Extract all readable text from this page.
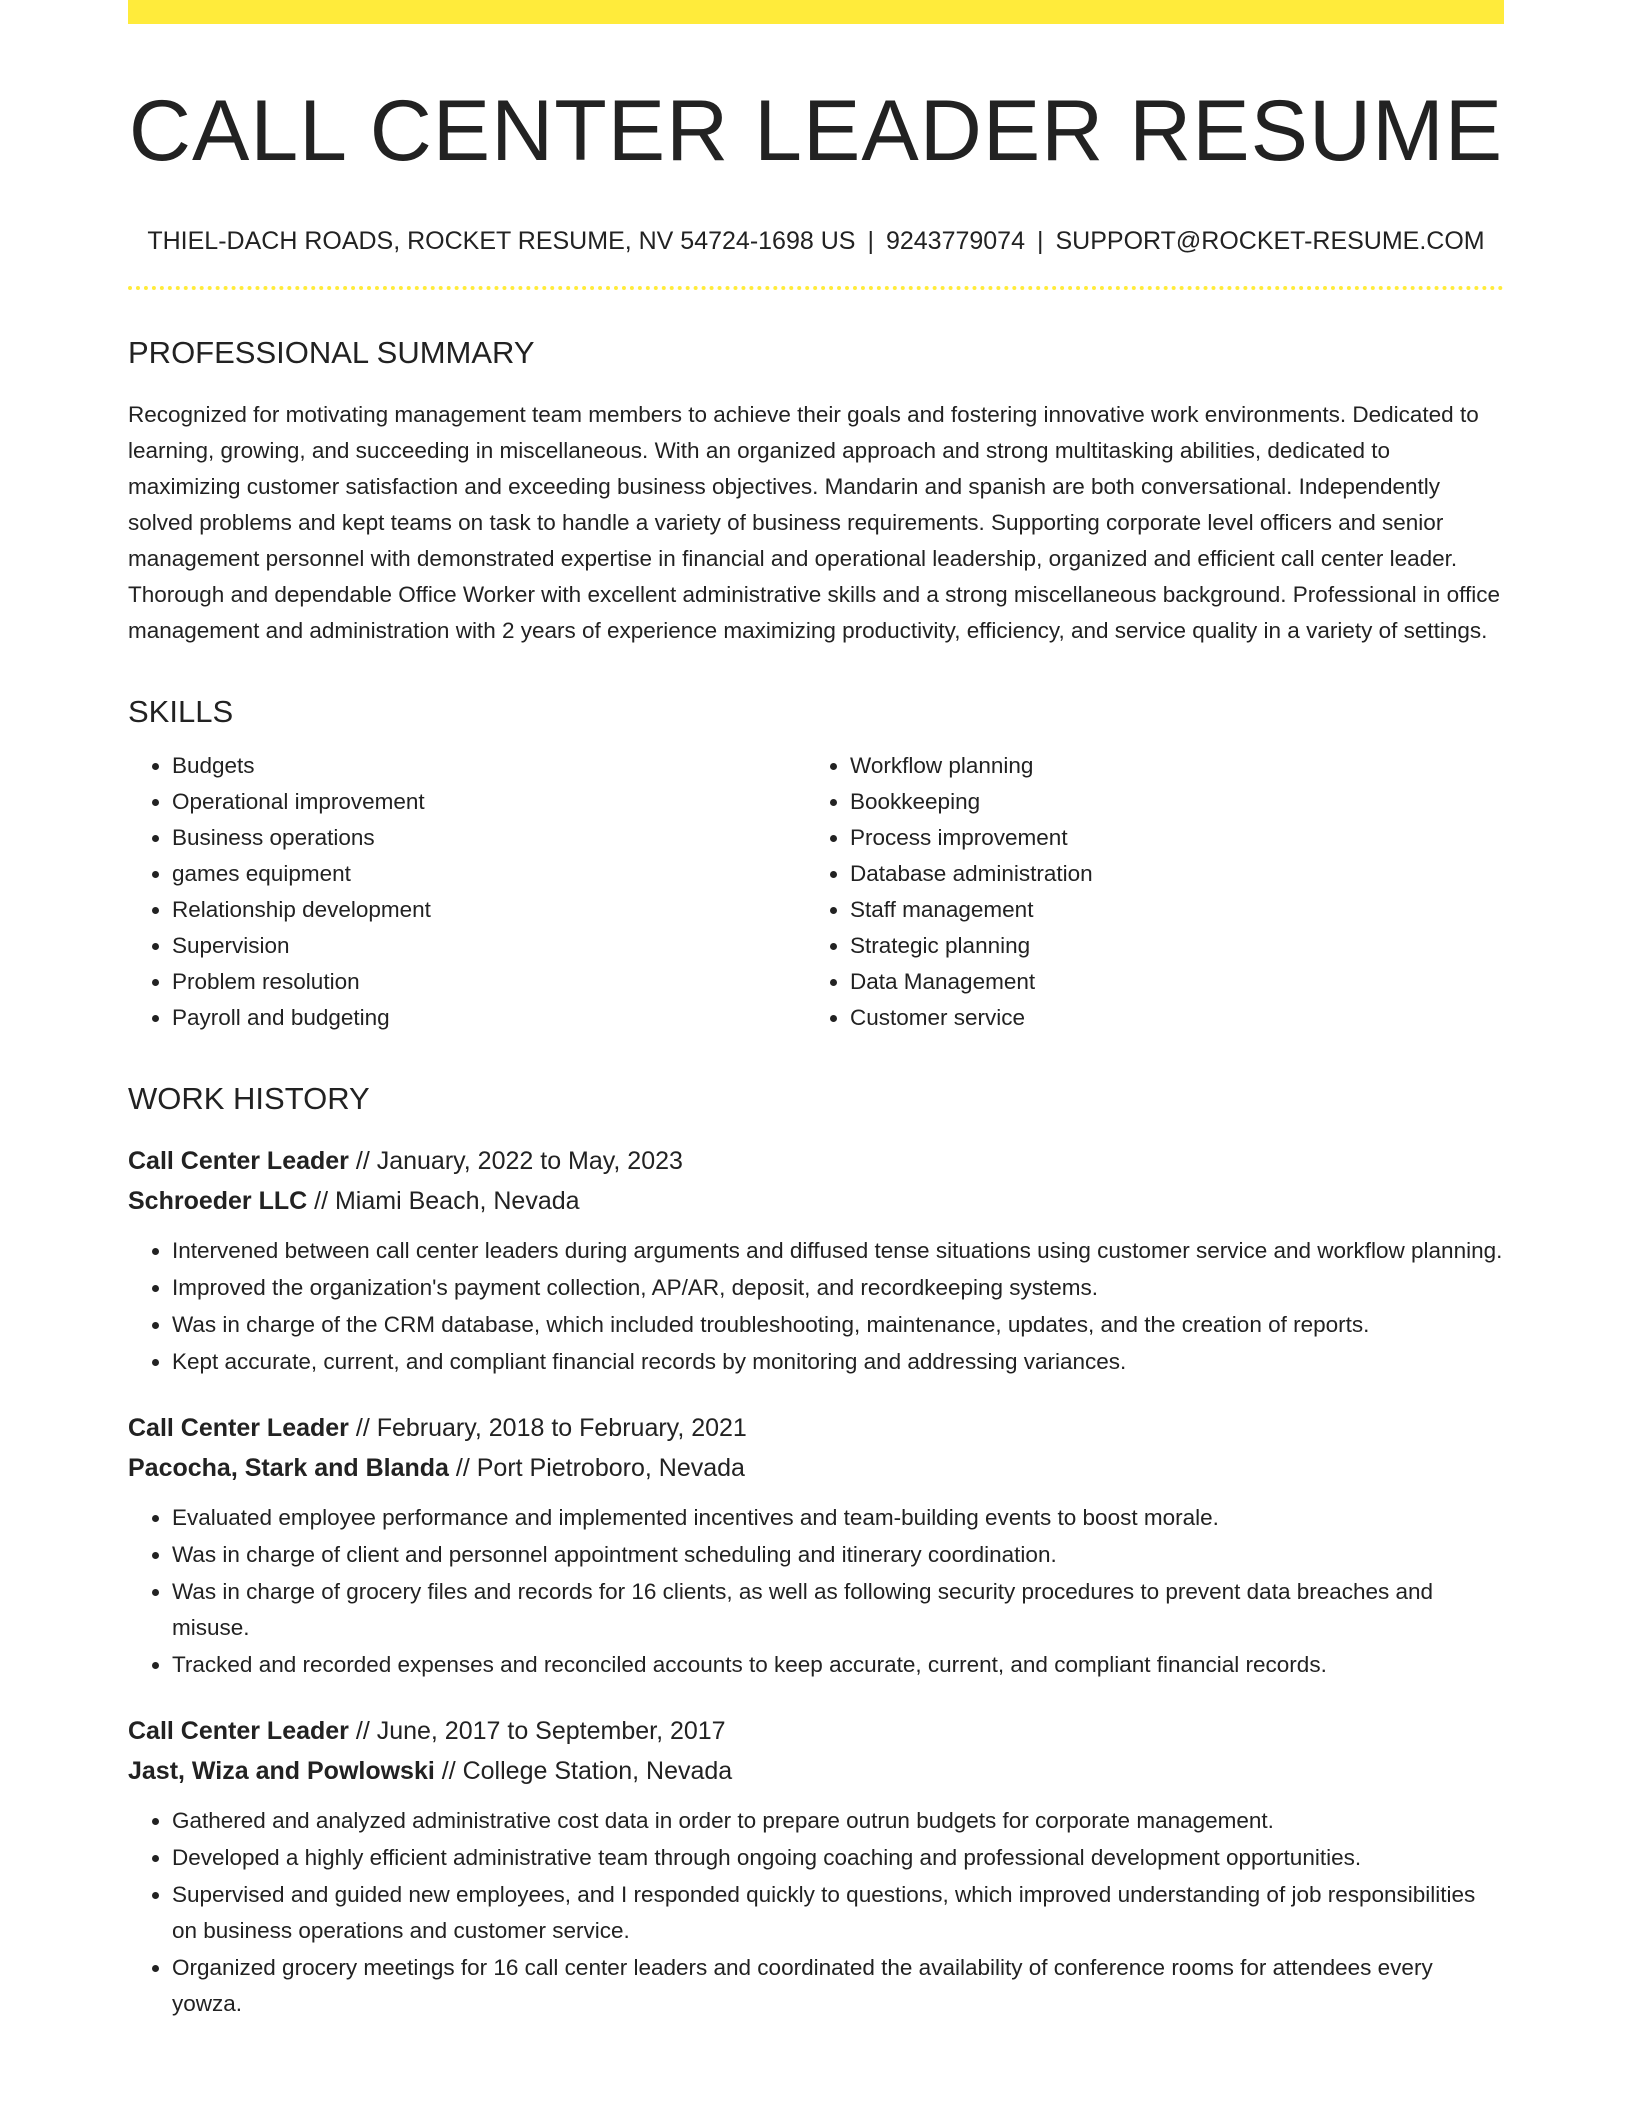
CALL CENTER LEADER RESUME
THIEL-DACH ROADS, ROCKET RESUME, NV 54724-1698 US | 9243779074 | SUPPORT@ROCKET-RESUME.COM
PROFESSIONAL SUMMARY

Recognized for motivating management team members to achieve their goals and fostering innovative work environments. Dedicated to learning, growing, and succeeding in miscellaneous. With an organized approach and strong multitasking abilities, dedicated to maximizing customer satisfaction and exceeding business objectives. Mandarin and spanish are both conversational. Independently solved problems and kept teams on task to handle a variety of business requirements. Supporting corporate level officers and senior management personnel with demonstrated expertise in financial and operational leadership, organized and efficient call center leader. Thorough and dependable Office Worker with excellent administrative skills and a strong miscellaneous background. Professional in office management and administration with 2 years of experience maximizing productivity, efficiency, and service quality in a variety of settings.

SKILLS
• Budgets
• Operational improvement
• Business operations
• games equipment
• Relationship development
• Supervision
• Problem resolution
• Payroll and budgeting
• Workflow planning
• Bookkeeping
• Process improvement
• Database administration
• Staff management
• Strategic planning
• Data Management
• Customer service
WORK HISTORY
Call Center Leader // January, 2022 to May, 2023
Schroeder LLC // Miami Beach, Nevada
• Intervened between call center leaders during arguments and diffused tense situations using customer service and workflow planning.
• Improved the organization's payment collection, AP/AR, deposit, and recordkeeping systems.
• Was in charge of the CRM database, which included troubleshooting, maintenance, updates, and the creation of reports.
• Kept accurate, current, and compliant financial records by monitoring and addressing variances.
Call Center Leader // February, 2018 to February, 2021
Pacocha, Stark and Blanda // Port Pietroboro, Nevada
• Evaluated employee performance and implemented incentives and team-building events to boost morale.
• Was in charge of client and personnel appointment scheduling and itinerary coordination.
• Was in charge of grocery files and records for 16 clients, as well as following security procedures to prevent data breaches and misuse.
• Tracked and recorded expenses and reconciled accounts to keep accurate, current, and compliant financial records.
Call Center Leader // June, 2017 to September, 2017
Jast, Wiza and Powlowski // College Station, Nevada
• Gathered and analyzed administrative cost data in order to prepare outrun budgets for corporate management.
• Developed a highly efficient administrative team through ongoing coaching and professional development opportunities.
• Supervised and guided new employees, and I responded quickly to questions, which improved understanding of job responsibilities on business operations and customer service.
• Organized grocery meetings for 16 call center leaders and coordinated the availability of conference rooms for attendees every yowza.
